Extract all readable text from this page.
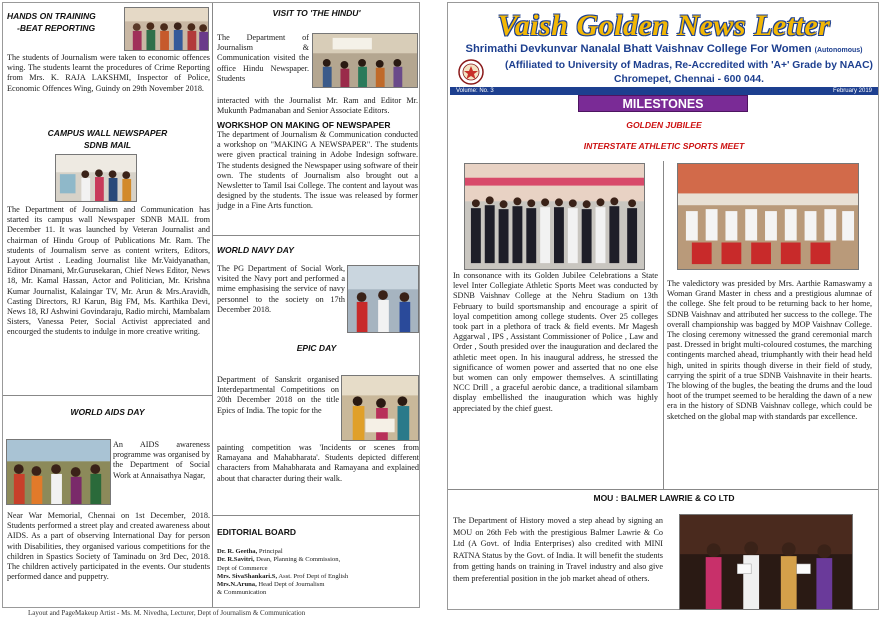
HANDS ON TRAINING
-BEAT REPORTING
The students of Journalism were taken to economic offences wing. The students learnt the procedures of Crime Reporting from Mrs. K. RAJA LAKSHMI, Inspector of Police, Economic Offences Wing, Guindy on 29th November 2018.
CAMPUS WALL NEWSPAPER
SDNB MAIL
The Department of Journalism and Communication has started its campus wall Newspaper SDNB MAIL from December 11. It was launched by Veteran Journalist and chairman of Hindu Group of Publications Mr. Ram. The students of Journalism serve as content writers, Editors, Layout Artist . Leading Journalist like Mr.Vaidyanathan, Editor Dinamani, Mr.Gurusekaran, Chief News Editor, News 18, Mr. Kamal Hassan, Actor and Politician, Mr. Krishna Kumar Journalist, Kalaingar TV, Mr. Arun & Mrs.Aravidh, Casting Directors, RJ Karun, Big FM, Ms. Karthika Devi, News 18, RJ Ashwini Govindaraju, Radio mirchi, Mambalam Sisters, Vanessa Peter, Social Activist appreciated and encourged the students to indulge in more creative writing.
WORLD AIDS DAY
An AIDS awareness programme was organised by the Department of Social Work at Annaisathya Nagar,
Near War Memorial, Chennai on 1st December, 2018. Students performed a street play and created awareness about AIDS. As a part of observing International Day for person with Disabilities, they organised various competitions for the children in Spastics Society of Taminadu on 3rd Dec, 2018. The children actively participated in the events. Our students performed dance and puppetry.
VISIT TO 'THE HINDU'
The Department of Journalism & Communication visited the office Hindu Newspaper. Students
interacted with the Journalist Mr. Ram and Editor Mr. Mukunth Padmanaban and Senior Associate Editors.
WORKSHOP ON MAKING OF NEWSPAPER
The department of Journalism & Communication conducted a workshop on "MAKING A NEWSPAPER". The students were given practical training in Adobe Indesign software. The students designed the Newspaper using software of their own. The students of Journalism also brought out a Newsletter to Tamil Isai College. The content and layout was designed by the students. The issue was released by former judge in a Fine Arts function.
WORLD NAVY DAY
The PG Department of Social Work, visited the Navy port and performed a mime emphasising the service of navy personnel to the society on 17th December 2018.
EPIC DAY
Department of Sanskrit organised Interdepartmental Competitions on 20th December 2018 on the title Epics of India. The topic for the
painting competition was 'Incidents or scenes from Ramayana and Mahabharata'. Students depicted different characters from Mahabharata and Ramayana and explained about that character during their walk.
EDITORIAL BOARD
Dr. R. Geetha, Principal
Dr. R.Savitri, Dean, Planning & Commission,
Dept of Commerce
Mrs. SivaShankari.S, Asst. Prof Dept of English
Mrs.N.Aruna, Head Dept of Journalism
& Communication
Layout and PageMakeup Artist - Ms. M. Nivedha, Lecturer, Dept of Journalism & Communication
Vaish Golden News Letter
Shrimathi Devkunvar Nanalal Bhatt Vaishnav College For Women (Autonomous)
(Affiliated to University of Madras, Re-Accredited with 'A+' Grade by NAAC)
Chromepet, Chennai - 600 044.
Volume: No. 3	February 2019
MILESTONES
GOLDEN JUBILEE
INTERSTATE ATHLETIC SPORTS MEET
In consonance with its Golden Jubilee Celebrations a State level Inter Collegiate Athletic Sports Meet was conducted by SDNB Vaishnav College at the Nehru Stadium on 13th February to build sportsmanship and encourage a spirit of loyal competition among college students. Over 25 colleges took part in a plethora of track & field events. Mr Magesh Aggarwal , IPS , Assistant Commissioner of Police , Law and Order , South presided over the inauguration and declared the athletic meet open. In his inaugural address, he stressed the significance of women power and asserted that no one else but women can only empower themselves. A scintillating NCC Drill , a graceful aerobic dance, a traditional silambam display embellished the inauguration which was highly appreciated by the chief guest.
The valedictory was presided by Mrs. Aarthie Ramaswamy a Woman Grand Master in chess and a prestigious alumnae of the college. She felt proud to be returning back to her home, SDNB Vaishnav and attributed her success to the college. The overall championship was bagged by MOP Vaishnav College. The closing ceremony witnessed the grand ceremonial march past. Dressed in bright multi-coloured costumes, the marching contingents marched ahead, triumphantly with their head held high, united in spirits though diverse in their field of study, carrying the spirit of a true SDNB Vaishnavite in their hearts. The blowing of the bugles, the beating the drums and the loud hoot of the trumpet seemed to be heralding the dawn of a new era in the history of SDNB Vaishnav college, which could be sketched on the global map with standards par excellence.
MOU : BALMER LAWRIE & CO LTD
The Department of History moved a step ahead by signing an MOU on 26th Feb with the prestigious Balmer Lawrie & Co Ltd (A Govt. of India Enterprises) also credited with MINI RATNA Status by the Govt. of India. It will benefit the students from getting hands on training in Travel industry and also give them preferential position in the job market ahead of others.
